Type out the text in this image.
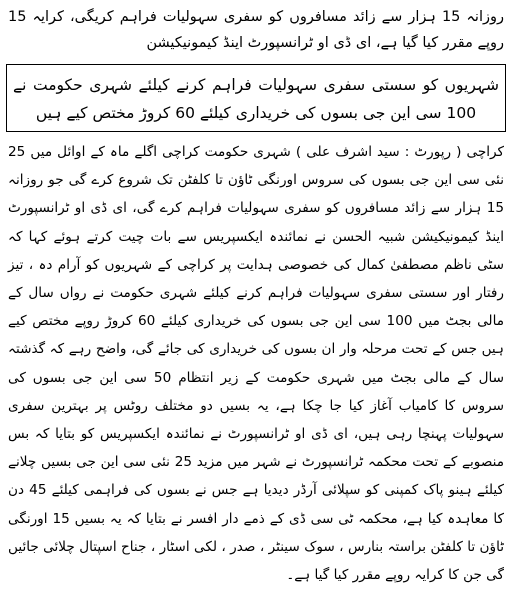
روزانہ 15 ہزار سے زائد مسافروں کو سفری سہولیات فراہم کریگی، کرایہ 15 روپے مقرر کیا گیا ہے، ای ڈی او ٹرانسپورٹ اینڈ کیمونیکیشن

شہریوں کو سستی سفری سہولیات فراہم کرنے کیلئے شہری حکومت نے 100 سی این جی بسوں کی خریداری کیلئے 60 کروڑ مختص کیے ہیں

کراچی ( رپورٹ : سید اشرف علی ) شہری حکومت کراچی اگلے ماہ کے اوائل میں 25 نئی سی این جی بسوں کی سروس اورنگی ٹاؤن تا کلفٹن تک شروع کرے گی جو روزانہ 15 ہزار سے زائد مسافروں کو سفری سہولیات فراہم کرے گی، ای ڈی او ٹرانسپورٹ اینڈ کیمونیکیشن شبیہ الحسن نے نمائندہ ایکسپریس سے بات چیت کرتے ہوئے کہا کہ سٹی ناظم مصطفیٰ کمال کی خصوصی ہدایت پر کراچی کے شہریوں کو آرام دہ ، تیز رفتار اور سستی سفری سہولیات فراہم کرنے کیلئے شہری حکومت نے رواں سال کے مالی بجٹ میں 100 سی این جی بسوں کی خریداری کیلئے 60 کروڑ روپے مختص کیے ہیں جس کے تحت مرحلہ وار ان بسوں کی خریداری کی جائے گی، واضح رہے کہ گذشتہ سال کے مالی بجٹ میں شہری حکومت کے زیر انتظام 50 سی این جی بسوں کی سروس کا کامیاب آغاز کیا جا چکا ہے، یہ بسیں دو مختلف روٹس پر بہترین سفری سہولیات پہنچا رہی ہیں، ای ڈی او ٹرانسپورٹ نے نمائندہ ایکسپریس کو بتایا کہ بس منصوبے کے تحت محکمہ ٹرانسپورٹ نے شہر میں مزید 25 نئی سی این جی بسیں چلانے کیلئے ہینو پاک کمپنی کو سپلائی آرڈر دیدیا ہے جس نے بسوں کی فراہمی کیلئے 45 دن کا معاہدہ کیا ہے، محکمہ ٹی سی ڈی کے ذمے دار افسر نے بتایا کہ یہ بسیں 15 اورنگی ٹاؤن تا کلفٹن براستہ بنارس ، سوک سینٹر ، صدر ، لکی اسٹار ، جناح اسپتال چلائی جائیں گی جن کا کرایہ روپے مقرر کیا گیا ہے۔
